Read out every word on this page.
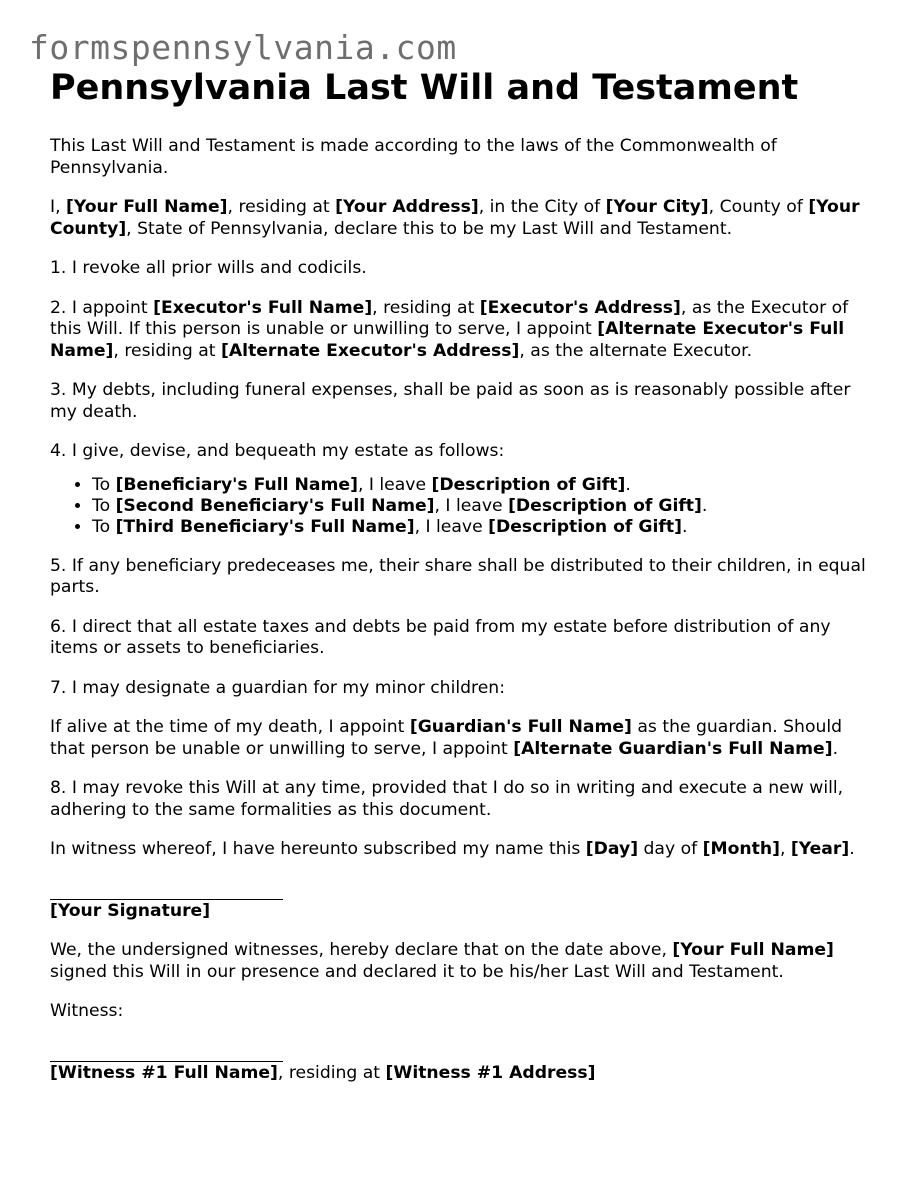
formspennsylvania.com
Pennsylvania Last Will and Testament

This Last Will and Testament is made according to the laws of the Commonwealth of Pennsylvania.

I, [Your Full Name], residing at [Your Address], in the City of [Your City], County of [Your County], State of Pennsylvania, declare this to be my Last Will and Testament.

1. I revoke all prior wills and codicils.

2. I appoint [Executor's Full Name], residing at [Executor's Address], as the Executor of this Will. If this person is unable or unwilling to serve, I appoint [Alternate Executor's Full Name], residing at [Alternate Executor's Address], as the alternate Executor.

3. My debts, including funeral expenses, shall be paid as soon as is reasonably possible after my death.

4. I give, devise, and bequeath my estate as follows:

• To [Beneficiary's Full Name], I leave [Description of Gift].
• To [Second Beneficiary's Full Name], I leave [Description of Gift].
• To [Third Beneficiary's Full Name], I leave [Description of Gift].

5. If any beneficiary predeceases me, their share shall be distributed to their children, in equal parts.

6. I direct that all estate taxes and debts be paid from my estate before distribution of any items or assets to beneficiaries.

7. I may designate a guardian for my minor children:

If alive at the time of my death, I appoint [Guardian's Full Name] as the guardian. Should that person be unable or unwilling to serve, I appoint [Alternate Guardian's Full Name].

8. I may revoke this Will at any time, provided that I do so in writing and execute a new will, adhering to the same formalities as this document.

In witness whereof, I have hereunto subscribed my name this [Day] day of [Month], [Year].

[Your Signature]

We, the undersigned witnesses, hereby declare that on the date above, [Your Full Name] signed this Will in our presence and declared it to be his/her Last Will and Testament.

Witness:

[Witness #1 Full Name], residing at [Witness #1 Address]
